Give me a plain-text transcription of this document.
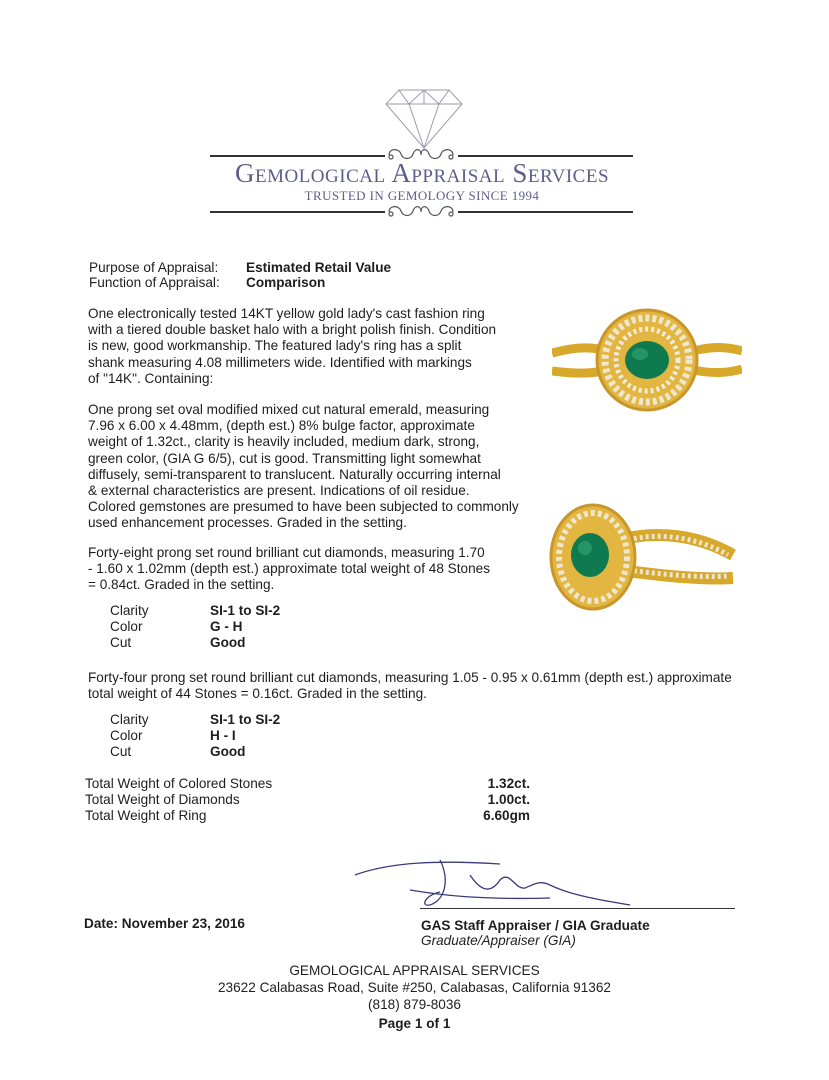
Gemological Appraisal Services
TRUSTED IN GEMOLOGY SINCE 1994
Purpose of Appraisal: Estimated Retail Value
Function of Appraisal: Comparison
One electronically tested 14KT yellow gold lady's cast fashion ring
with a tiered double basket halo with a bright polish finish. Condition
is new, good workmanship. The featured lady's ring has a split
shank measuring 4.08 millimeters wide. Identified with markings
of "14K". Containing:
One prong set oval modified mixed cut natural emerald, measuring
7.96 x 6.00 x 4.48mm, (depth est.) 8% bulge factor, approximate
weight of 1.32ct., clarity is heavily included, medium dark, strong,
green color, (GIA G 6/5), cut is good. Transmitting light somewhat
diffusely, semi-transparent to translucent. Naturally occurring internal
& external characteristics are present. Indications of oil residue.
Colored gemstones are presumed to have been subjected to commonly
used enhancement processes. Graded in the setting.
Forty-eight prong set round brilliant cut diamonds, measuring 1.70
- 1.60 x 1.02mm (depth est.) approximate total weight of 48 Stones
= 0.84ct. Graded in the setting.
Clarity	SI-1 to SI-2
Color	G - H
Cut	Good
Forty-four prong set round brilliant cut diamonds, measuring 1.05 - 0.95 x 0.61mm (depth est.) approximate
total weight of 44 Stones = 0.16ct. Graded in the setting.
Clarity	SI-1 to SI-2
Color	H - I
Cut	Good
Total Weight of Colored Stones	1.32ct.
Total Weight of Diamonds	1.00ct.
Total Weight of Ring	6.60gm
Date: November 23, 2016	GAS Staff Appraiser / GIA Graduate
Graduate/Appraiser (GIA)
GEMOLOGICAL APPRAISAL SERVICES
23622 Calabasas Road, Suite #250, Calabasas, California 91362
(818) 879-8036
Page 1 of 1
